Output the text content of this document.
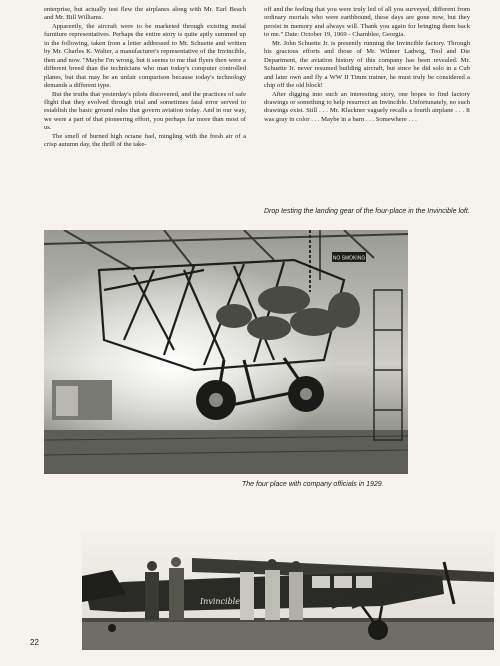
enterprise, but actually test flew the airplanes along with Mr. Earl Beach and Mr. Bill Williams.

Apparently, the aircraft were to be marketed through existing metal furniture representatives. Perhaps the entire story is quite aptly summed up in the following, taken from a letter addressed to Mr. Schuette and written by Mr. Charles K. Walter, a manufacturer's representative of the Invincible, then and now. "Maybe I'm wrong, but it seems to me that flyers then were a different breed than the technicians who man today's computer controlled planes, but that may be an unfair comparison because today's technology demands a different type.

But the truths that yesterday's pilots discovered, and the practices of safe flight that they evolved through trial and sometimes fatal error served to establish the basic ground rules that govern aviation today. And in our way, we were a part of that pioneering effort, you perhaps far more than most of us.

The smell of burned high octane fuel, mingling with the fresh air of a crisp autumn day, the thrill of the take-

off and the feeling that you were truly led of all you surveyed, different from ordinary mortals who were earthbound, these days are gone now, but they persist in memory and always will. Thank you again for bringing them back to me." Date: October 19, 1969 - Chamblee, Georgia.

Mr. John Schuette Jr. is presently running the Invincible factory. Through his gracious efforts and those of Mr. Wilmer Ladwig, Tool and Die Department, the aviation history of this company has been revealed. Mr. Schuette Jr. never resumed building aircraft, but since he did solo in a Cub and later own and fly a WW II Timm trainer, he must truly be considered a chip off the old block!

After digging into such an interesting story, one hopes to find factory drawings or something to help resurrect an Invincible. Unfortunately, no such drawings exist. Still . . . Mr. Klackner vaguely recalls a fourth airplane . . . It was gray in color . . . Maybe in a barn . . . Somewhere . . .

Drop testing the landing gear of the four-place in the Invincible loft.
NO SMOKING
The four place with company officials in 1929.
Invincible
22
